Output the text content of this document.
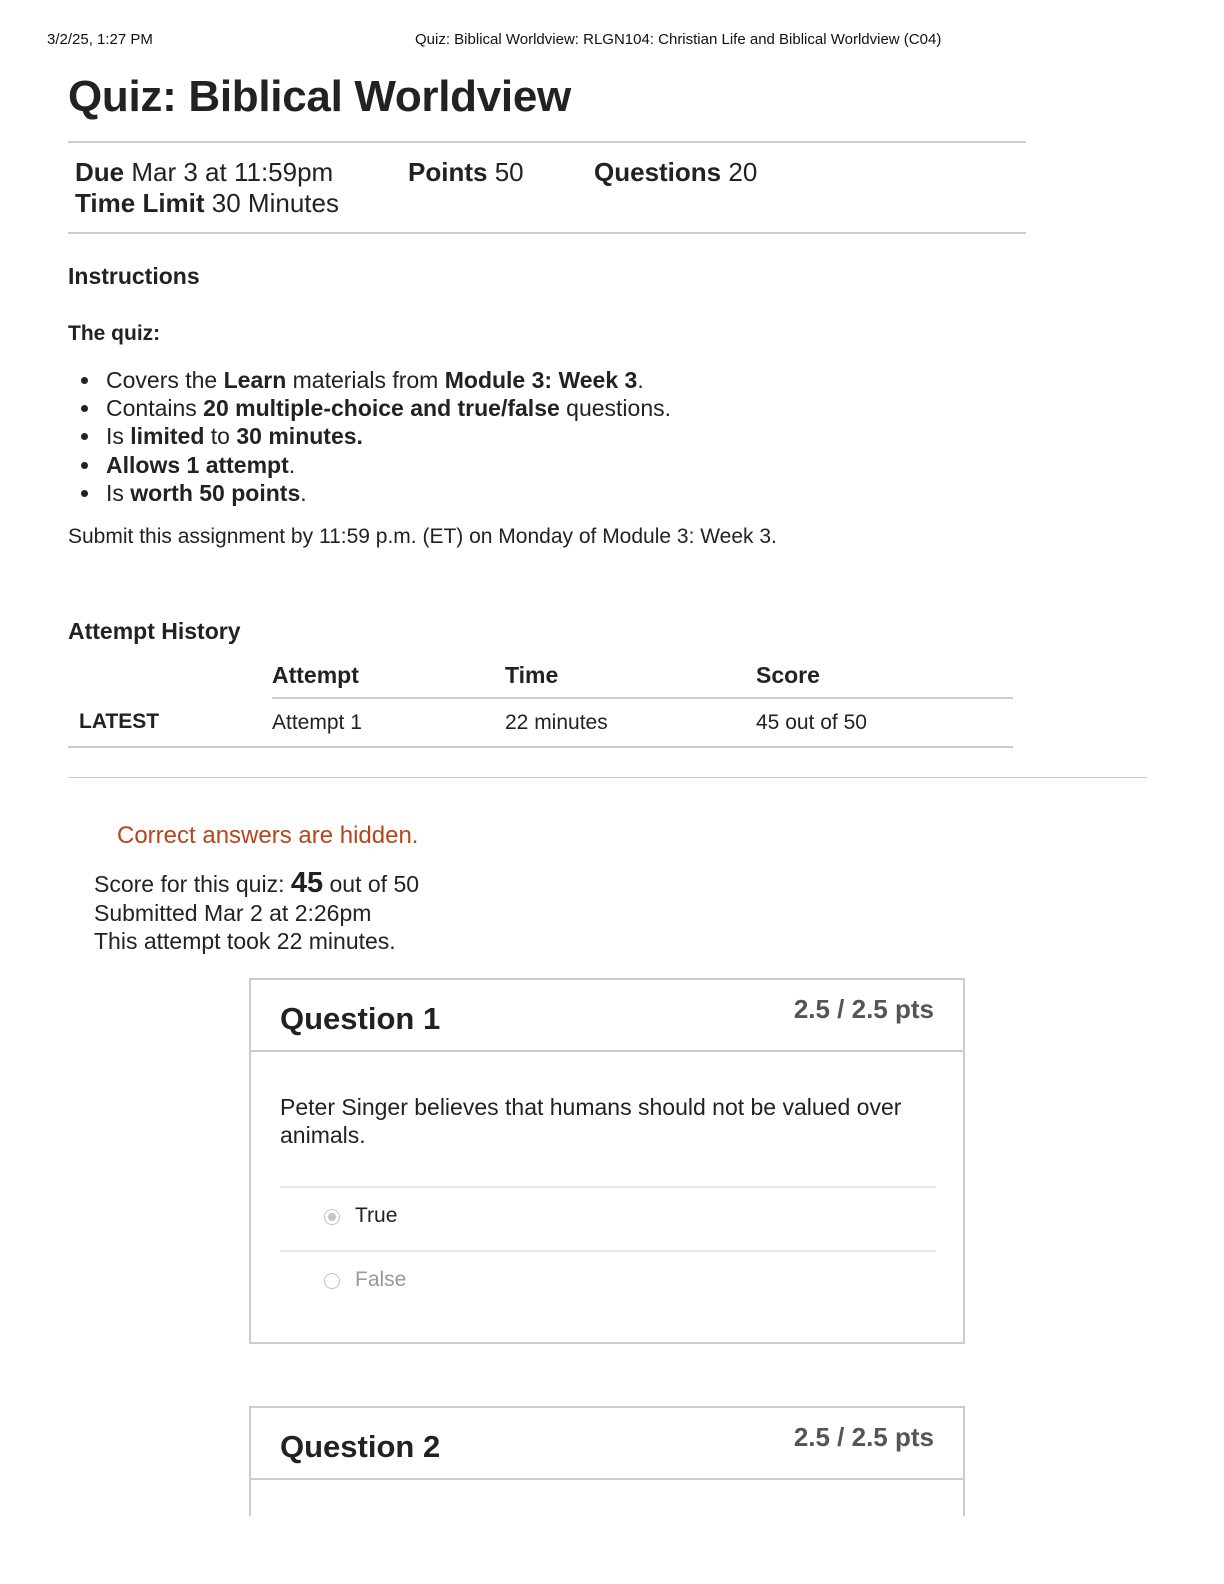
3/2/25, 1:27 PM	Quiz: Biblical Worldview: RLGN104: Christian Life and Biblical Worldview (C04)
Quiz: Biblical Worldview
Due Mar 3 at 11:59pm	Points 50	Questions 20
Time Limit 30 Minutes
Instructions
The quiz:
Covers the Learn materials from Module 3: Week 3.
Contains 20 multiple-choice and true/false questions.
Is limited to 30 minutes.
Allows 1 attempt.
Is worth 50 points.

Submit this assignment by 11:59 p.m. (ET) on Monday of Module 3: Week 3.

Attempt History
	Attempt	Time	Score
LATEST	Attempt 1	22 minutes	45 out of 50

Correct answers are hidden.

Score for this quiz: 45 out of 50
Submitted Mar 2 at 2:26pm
This attempt took 22 minutes.
Question 1	2.5 / 2.5 pts

Peter Singer believes that humans should not be valued over animals.

True
False
Question 2	2.5 / 2.5 pts
